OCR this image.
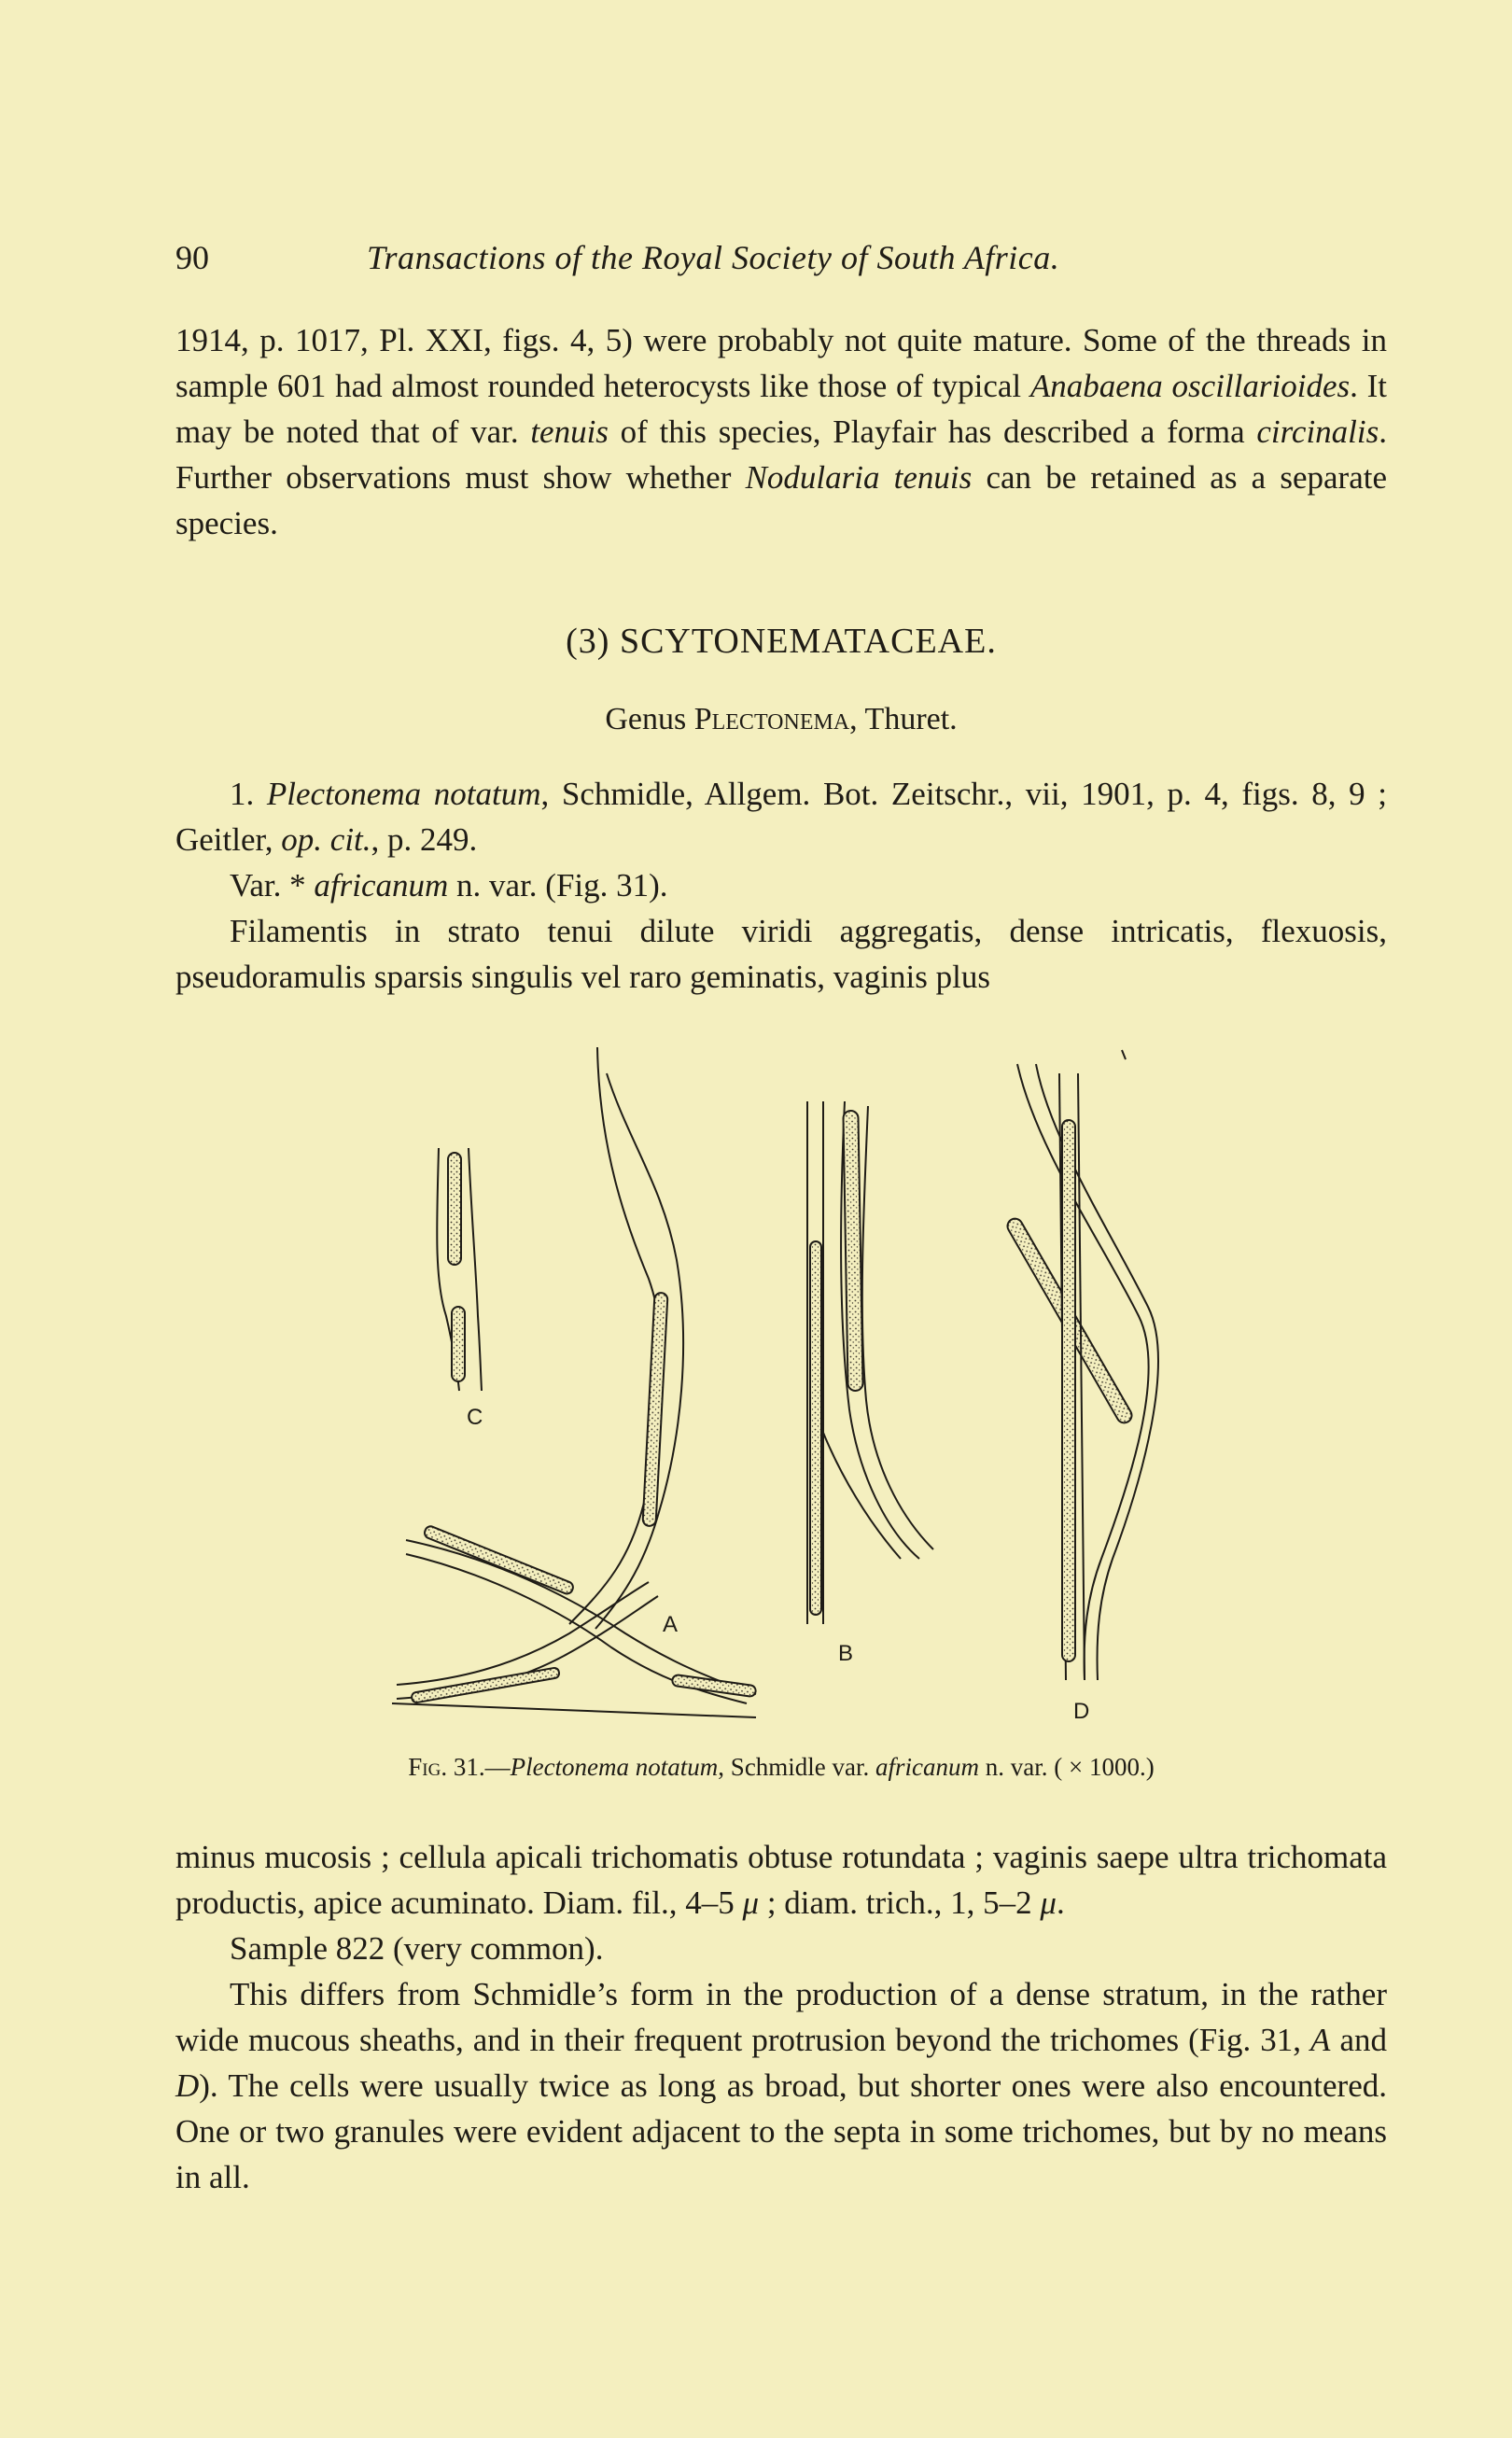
90	Transactions of the Royal Society of South Africa.

1914, p. 1017, Pl. XXI, figs. 4, 5) were probably not quite mature. Some of the threads in sample 601 had almost rounded heterocysts like those of typical Anabaena oscillarioides. It may be noted that of var. tenuis of this species, Playfair has described a forma circinalis. Further observations must show whether Nodularia tenuis can be retained as a separate species.

(3) SCYTONEMATACEAE.
Genus Plectonema, Thuret.

1. Plectonema notatum, Schmidle, Allgem. Bot. Zeitschr., vii, 1901, p. 4, figs. 8, 9 ; Geitler, op. cit., p. 249.

Var. * africanum n. var. (Fig. 31).

Filamentis in strato tenui dilute viridi aggregatis, dense intricatis, flexuosis, pseudoramulis sparsis singulis vel raro geminatis, vaginis plus

C
A
B
D
Fig. 31.—Plectonema notatum, Schmidle var. africanum n. var. ( × 1000.)

minus mucosis ; cellula apicali trichomatis obtuse rotundata ; vaginis saepe ultra trichomata productis, apice acuminato. Diam. fil., 4–5 μ ; diam. trich., 1, 5–2 μ.

Sample 822 (very common).

This differs from Schmidle’s form in the production of a dense stratum, in the rather wide mucous sheaths, and in their frequent protrusion beyond the trichomes (Fig. 31, A and D). The cells were usually twice as long as broad, but shorter ones were also encountered. One or two granules were evident adjacent to the septa in some trichomes, but by no means in all.
